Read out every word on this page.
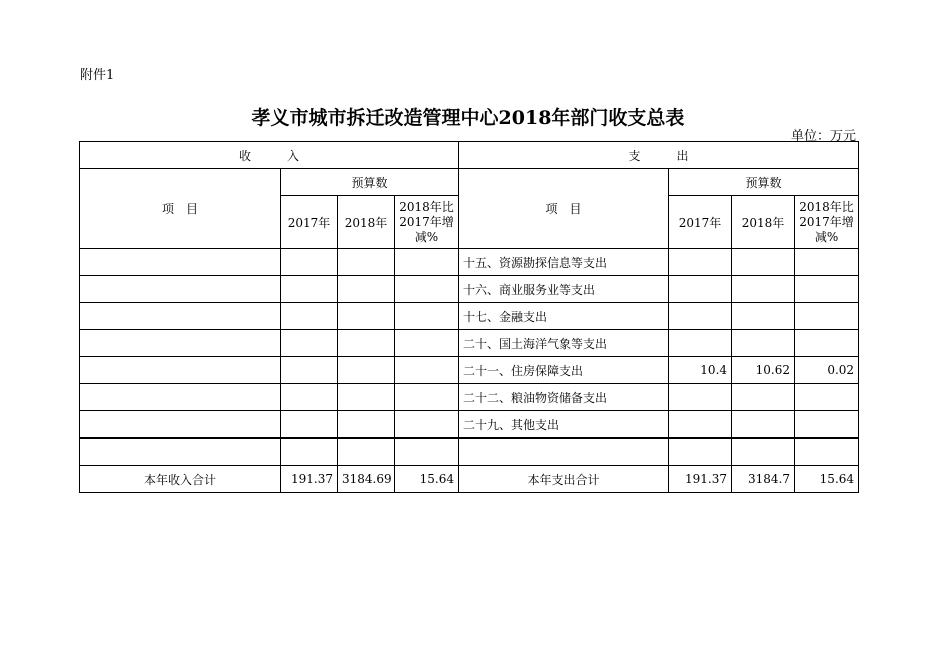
附件1
孝义市城市拆迁改造管理中心2018年部门收支总表
单位：万元
收　　　入				支　　　出			
项　目	预算数			项　目	预算数		
	2017年	2018年	2018年比2017年增减%		2017年	2018年	2018年比2017年增减%
				十五、资源勘探信息等支出			
				十六、商业服务业等支出			
				十七、金融支出			
				二十、国土海洋气象等支出			
				二十一、住房保障支出	10.4	10.62	0.02
				二十二、粮油物资储备支出			
				二十九、其他支出			

本年收入合计	191.37	3184.69	15.64	本年支出合计	191.37	3184.7	15.64
